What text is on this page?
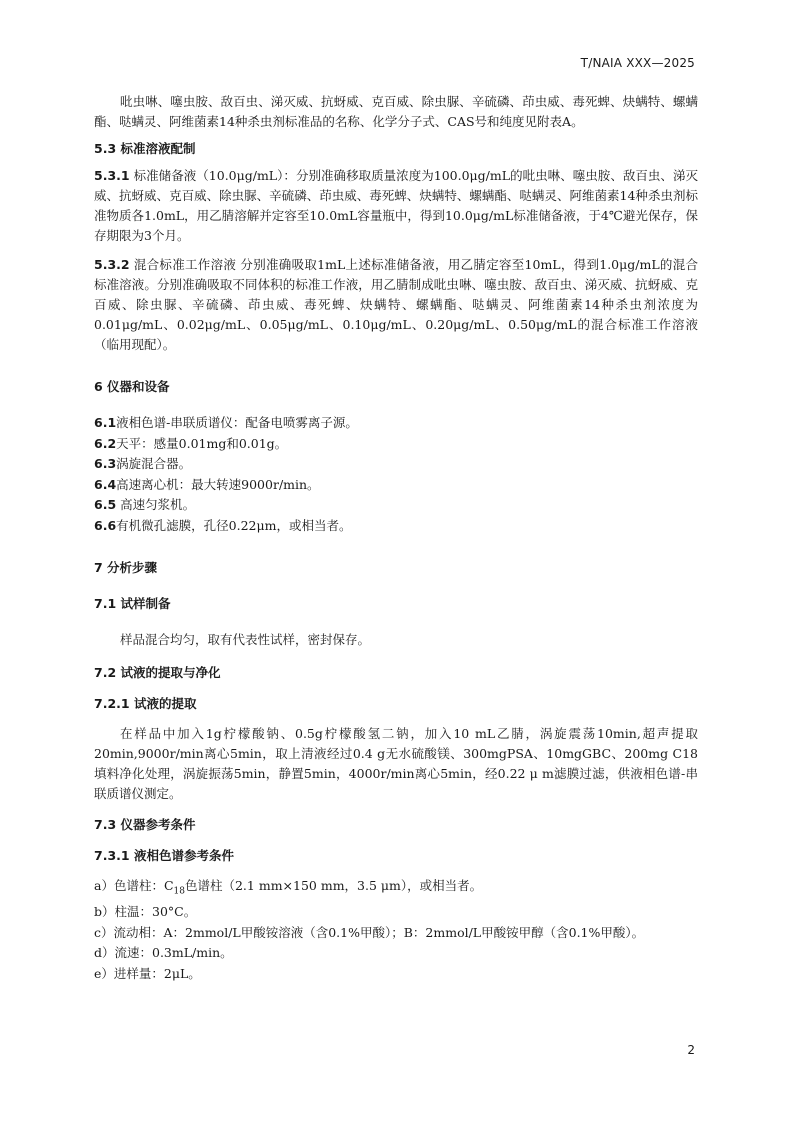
T/NAIA XXX—2025

吡虫啉、噻虫胺、敌百虫、涕灭威、抗蚜威、克百威、除虫脲、辛硫磷、茚虫威、毒死蜱、炔螨特、螺螨酯、哒螨灵、阿维菌素14种杀虫剂标准品的名称、化学分子式、CAS号和纯度见附表A。

5.3 标准溶液配制

5.3.1 标准储备液（10.0μg/mL）：分别准确移取质量浓度为100.0μg/mL的吡虫啉、噻虫胺、敌百虫、涕灭威、抗蚜威、克百威、除虫脲、辛硫磷、茚虫威、毒死蜱、炔螨特、螺螨酯、哒螨灵、阿维菌素14种杀虫剂标准物质各1.0mL，用乙腈溶解并定容至10.0mL容量瓶中，得到10.0μg/mL标准储备液，于4℃避光保存，保存期限为3个月。

5.3.2 混合标准工作溶液 分别准确吸取1mL上述标准储备液，用乙腈定容至10mL，得到1.0μg/mL的混合标准溶液。分别准确吸取不同体积的标准工作液，用乙腈制成吡虫啉、噻虫胺、敌百虫、涕灭威、抗蚜威、克百威、除虫脲、辛硫磷、茚虫威、毒死蜱、炔螨特、螺螨酯、哒螨灵、阿维菌素14种杀虫剂浓度为0.01μg/mL、0.02μg/mL、0.05μg/mL、0.10μg/mL、0.20μg/mL、0.50μg/mL的混合标准工作溶液（临用现配）。

6 仪器和设备

6.1液相色谱-串联质谱仪：配备电喷雾离子源。

6.2天平：感量0.01mg和0.01g。

6.3涡旋混合器。

6.4高速离心机：最大转速9000r/min。

6.5 高速匀浆机。

6.6有机微孔滤膜，孔径0.22μm，或相当者。

7 分析步骤

7.1 试样制备

样品混合均匀，取有代表性试样，密封保存。

7.2 试液的提取与净化

7.2.1 试液的提取

在样品中加入1g柠檬酸钠、0.5g柠檬酸氢二钠，加入10 mL乙腈，涡旋震荡10min,超声提取20min,9000r/min离心5min，取上清液经过0.4 g无水硫酸镁、300mgPSA、10mgGBC、200mg C18填料净化处理，涡旋振荡5min，静置5min，4000r/min离心5min，经0.22 μ m滤膜过滤，供液相色谱-串联质谱仪测定。

7.3 仪器参考条件

7.3.1 液相色谱参考条件

a）色谱柱：$C_{18}$色谱柱（2.1 mm×150 mm，3.5 μm），或相当者。

b）柱温：30°C。

c）流动相：A：2mmol/L甲酸铵溶液（含0.1%甲酸）；B：2mmol/L甲酸铵甲醇（含0.1%甲酸）。

d）流速：0.3mL/min。

e）进样量：2μL。

2
